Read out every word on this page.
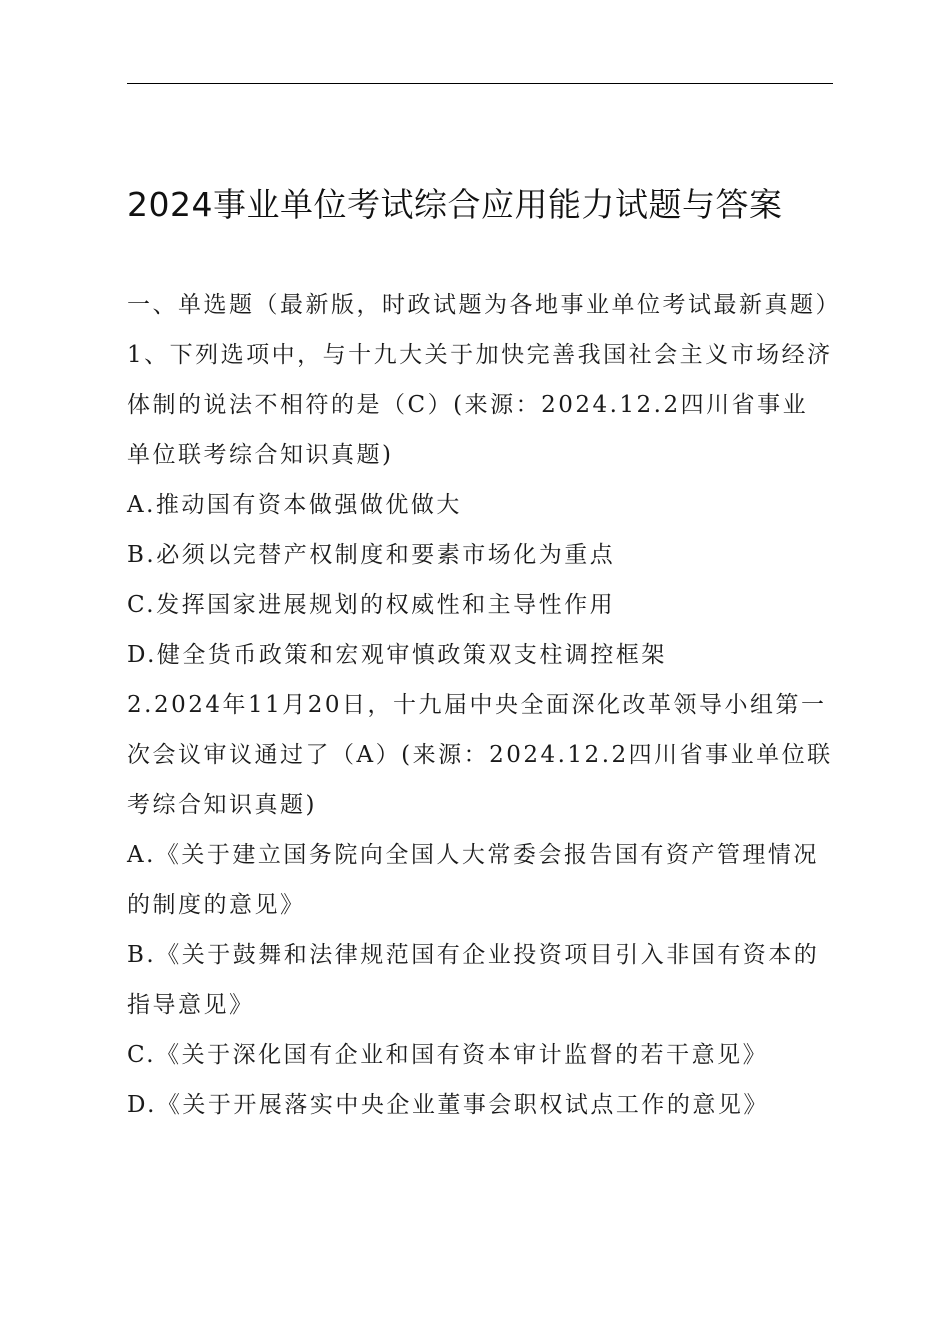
2024事业单位考试综合应用能力试题与答案

一、单选题（最新版，时政试题为各地事业单位考试最新真题）

1、下列选项中，与十九大关于加快完善我国社会主义市场经济体制的说法不相符的是（C）(来源：2024.12.2四川省事业单位联考综合知识真题)

A.推动国有资本做强做优做大

B.必须以完替产权制度和要素市场化为重点

C.发挥国家进展规划的权威性和主导性作用

D.健全货币政策和宏观审慎政策双支柱调控框架

2.2024年11月20日，十九届中央全面深化改革领导小组第一次会议审议通过了（A）(来源：2024.12.2四川省事业单位联考综合知识真题)

A.《关于建立国务院向全国人大常委会报告国有资产管理情况的制度的意见》

B.《关于鼓舞和法律规范国有企业投资项目引入非国有资本的指导意见》

C.《关于深化国有企业和国有资本审计监督的若干意见》

D.《关于开展落实中央企业董事会职权试点工作的意见》
